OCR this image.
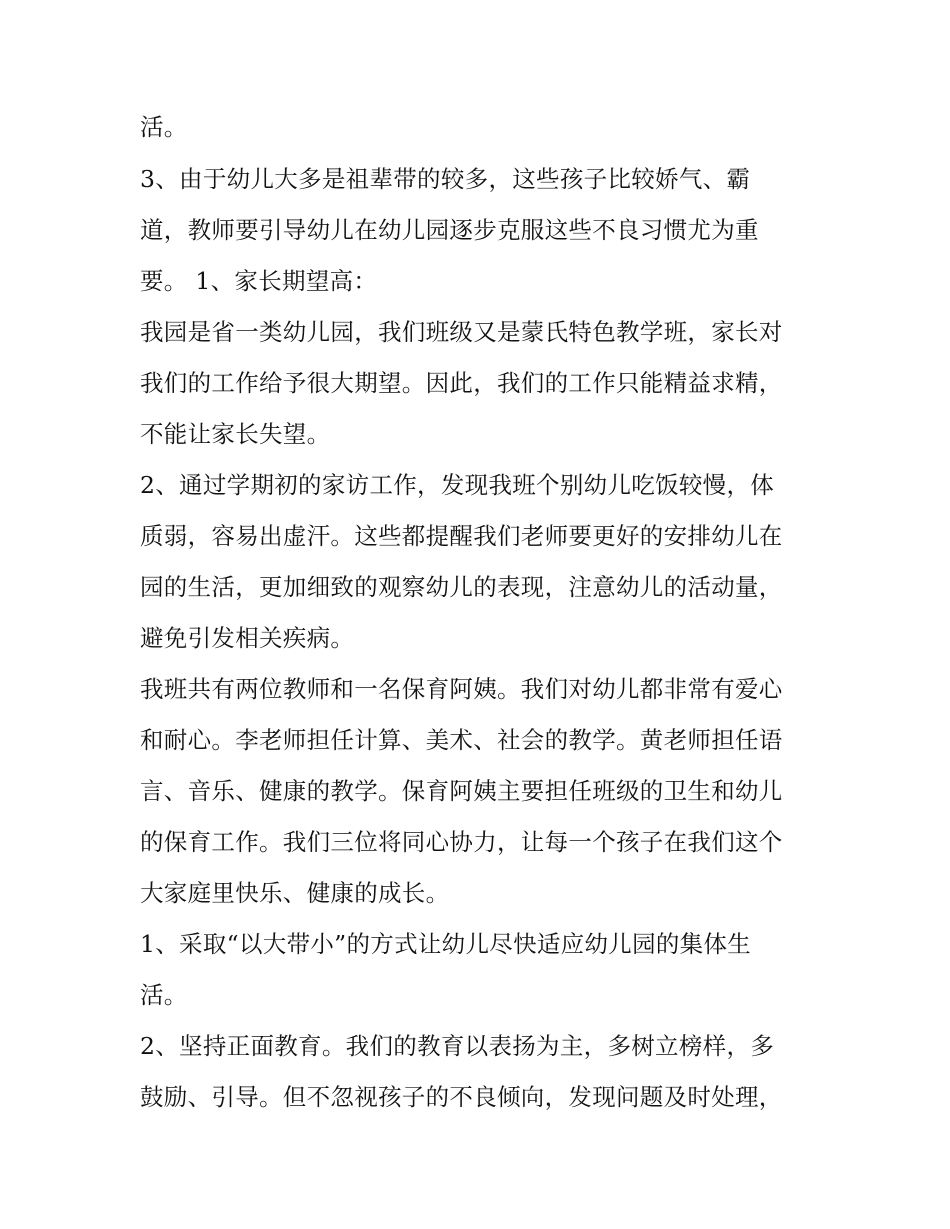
活。
3、由于幼儿大多是祖辈带的较多，这些孩子比较娇气、霸
道，教师要引导幼儿在幼儿园逐步克服这些不良习惯尤为重
要。 1、家长期望高：
我园是省一类幼儿园，我们班级又是蒙氏特色教学班，家长对
我们的工作给予很大期望。因此，我们的工作只能精益求精，
不能让家长失望。
2、通过学期初的家访工作，发现我班个别幼儿吃饭较慢，体
质弱，容易出虚汗。这些都提醒我们老师要更好的安排幼儿在
园的生活，更加细致的观察幼儿的表现，注意幼儿的活动量，
避免引发相关疾病。
我班共有两位教师和一名保育阿姨。我们对幼儿都非常有爱心
和耐心。李老师担任计算、美术、社会的教学。黄老师担任语
言、音乐、健康的教学。保育阿姨主要担任班级的卫生和幼儿
的保育工作。我们三位将同心协力，让每一个孩子在我们这个
大家庭里快乐、健康的成长。
1、采取“以大带小”的方式让幼儿尽快适应幼儿园的集体生
活。
2、坚持正面教育。我们的教育以表扬为主，多树立榜样，多
鼓励、引导。但不忽视孩子的不良倾向，发现问题及时处理，
